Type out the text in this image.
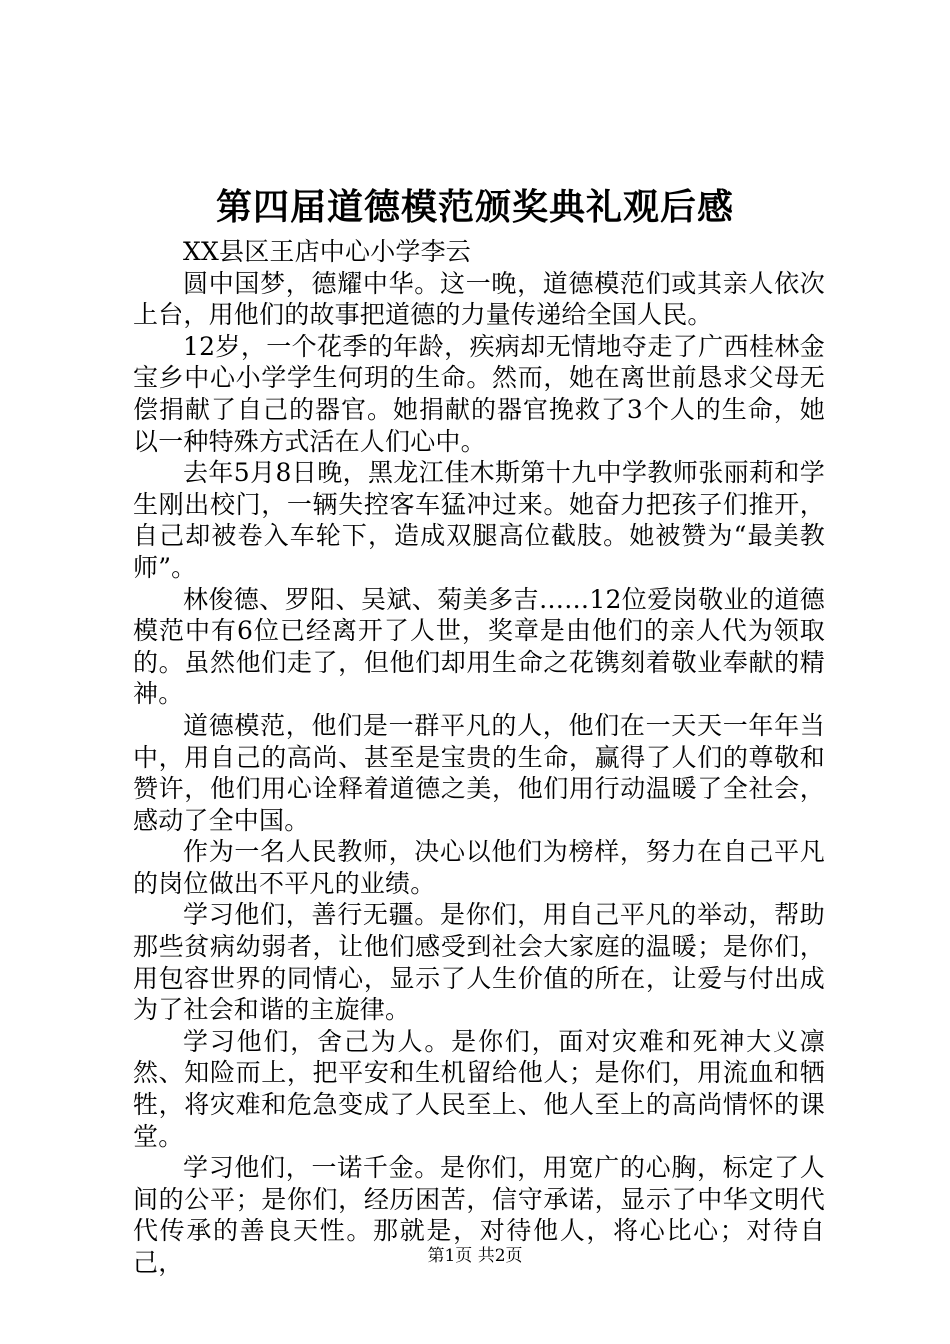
第四届道德模范颁奖典礼观后感

XX县区王店中心小学李云

圆中国梦，德耀中华。这一晚，道德模范们或其亲人依次上台，用他们的故事把道德的力量传递给全国人民。

12岁，一个花季的年龄，疾病却无情地夺走了广西桂林金宝乡中心小学学生何玥的生命。然而，她在离世前恳求父母无偿捐献了自己的器官。她捐献的器官挽救了3个人的生命，她以一种特殊方式活在人们心中。

去年5月8日晚，黑龙江佳木斯第十九中学教师张丽莉和学生刚出校门，一辆失控客车猛冲过来。她奋力把孩子们推开，自己却被卷入车轮下，造成双腿高位截肢。她被赞为“最美教师”。

林俊德、罗阳、吴斌、菊美多吉……12位爱岗敬业的道德模范中有6位已经离开了人世，奖章是由他们的亲人代为领取的。虽然他们走了，但他们却用生命之花镌刻着敬业奉献的精神。

道德模范，他们是一群平凡的人，他们在一天天一年年当中，用自己的高尚、甚至是宝贵的生命，赢得了人们的尊敬和赞许，他们用心诠释着道德之美，他们用行动温暖了全社会，感动了全中国。

作为一名人民教师，决心以他们为榜样，努力在自己平凡的岗位做出不平凡的业绩。

学习他们，善行无疆。是你们，用自己平凡的举动，帮助那些贫病幼弱者，让他们感受到社会大家庭的温暖；是你们，用包容世界的同情心，显示了人生价值的所在，让爱与付出成为了社会和谐的主旋律。

学习他们，舍己为人。是你们，面对灾难和死神大义凛然、知险而上，把平安和生机留给他人；是你们，用流血和牺牲，将灾难和危急变成了人民至上、他人至上的高尚情怀的课堂。

学习他们，一诺千金。是你们，用宽广的心胸，标定了人间的公平；是你们，经历困苦，信守承诺，显示了中华文明代代传承的善良天性。那就是，对待他人，将心比心；对待自己，	第1页 共2页
